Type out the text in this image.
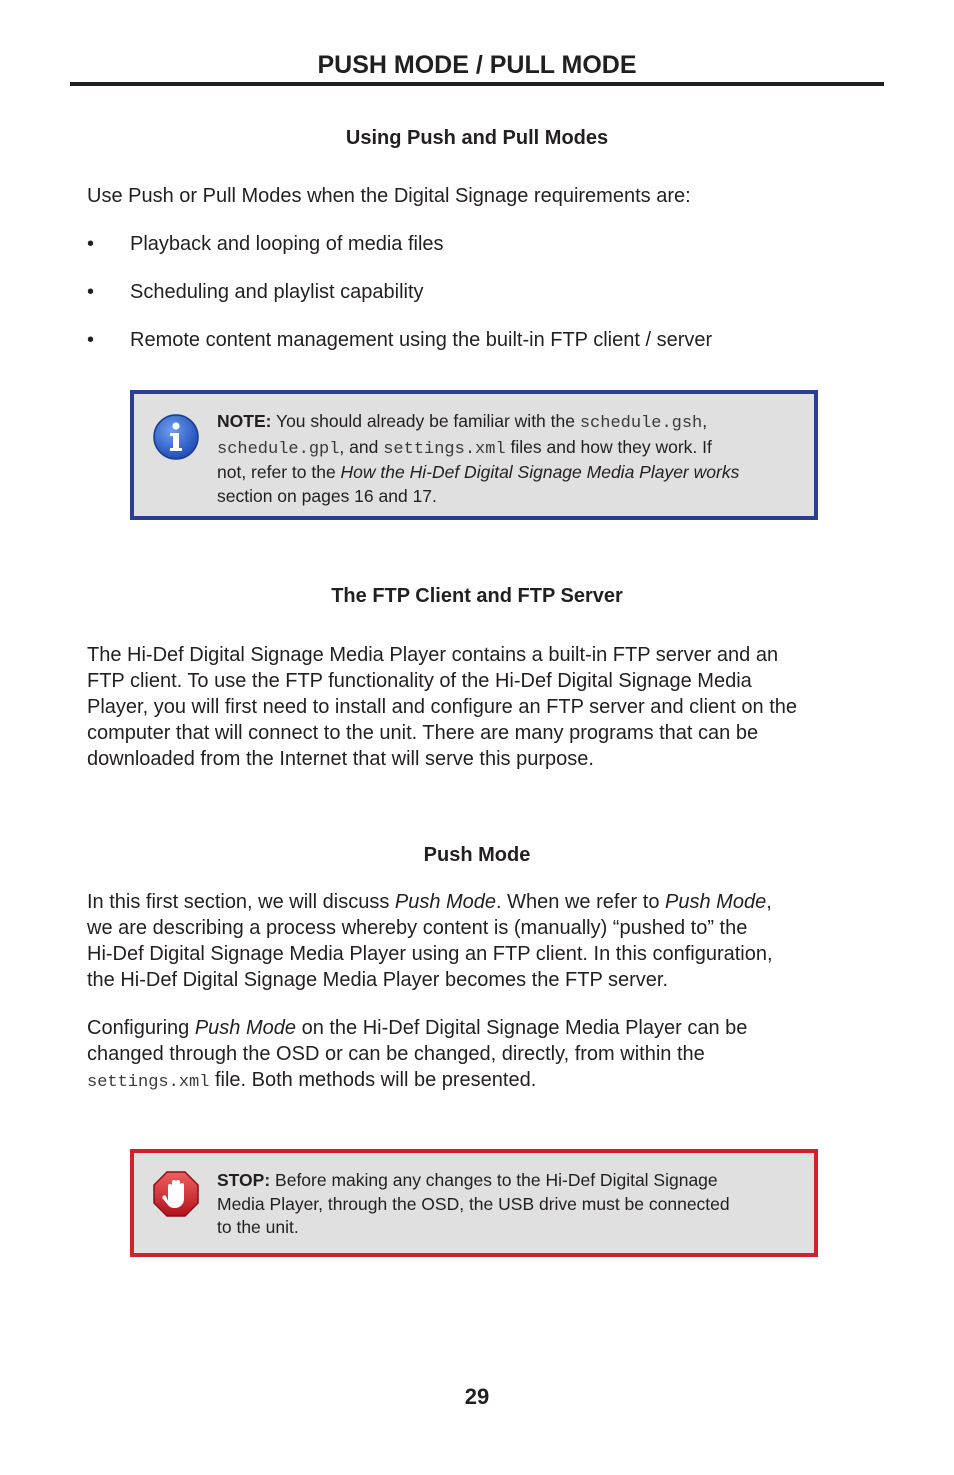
PUSH MODE / PULL MODE
Using Push and Pull Modes

Use Push or Pull Modes when the Digital Signage requirements are:

• Playback and looping of media files
• Scheduling and playlist capability
• Remote content management using the built-in FTP client / server
NOTE: You should already be familiar with the schedule.gsh,
schedule.gpl, and settings.xml files and how they work. If
not, refer to the How the Hi-Def Digital Signage Media Player works
section on pages 16 and 17.
The FTP Client and FTP Server

The Hi-Def Digital Signage Media Player contains a built-in FTP server and an
FTP client. To use the FTP functionality of the Hi-Def Digital Signage Media
Player, you will first need to install and configure an FTP server and client on the
computer that will connect to the unit. There are many programs that can be
downloaded from the Internet that will serve this purpose.

Push Mode

In this first section, we will discuss Push Mode. When we refer to Push Mode,
we are describing a process whereby content is (manually) “pushed to” the
Hi-Def Digital Signage Media Player using an FTP client. In this configuration,
the Hi-Def Digital Signage Media Player becomes the FTP server.

Configuring Push Mode on the Hi-Def Digital Signage Media Player can be
changed through the OSD or can be changed, directly, from within the
settings.xml file. Both methods will be presented.

STOP: Before making any changes to the Hi-Def Digital Signage
Media Player, through the OSD, the USB drive must be connected
to the unit.
29
